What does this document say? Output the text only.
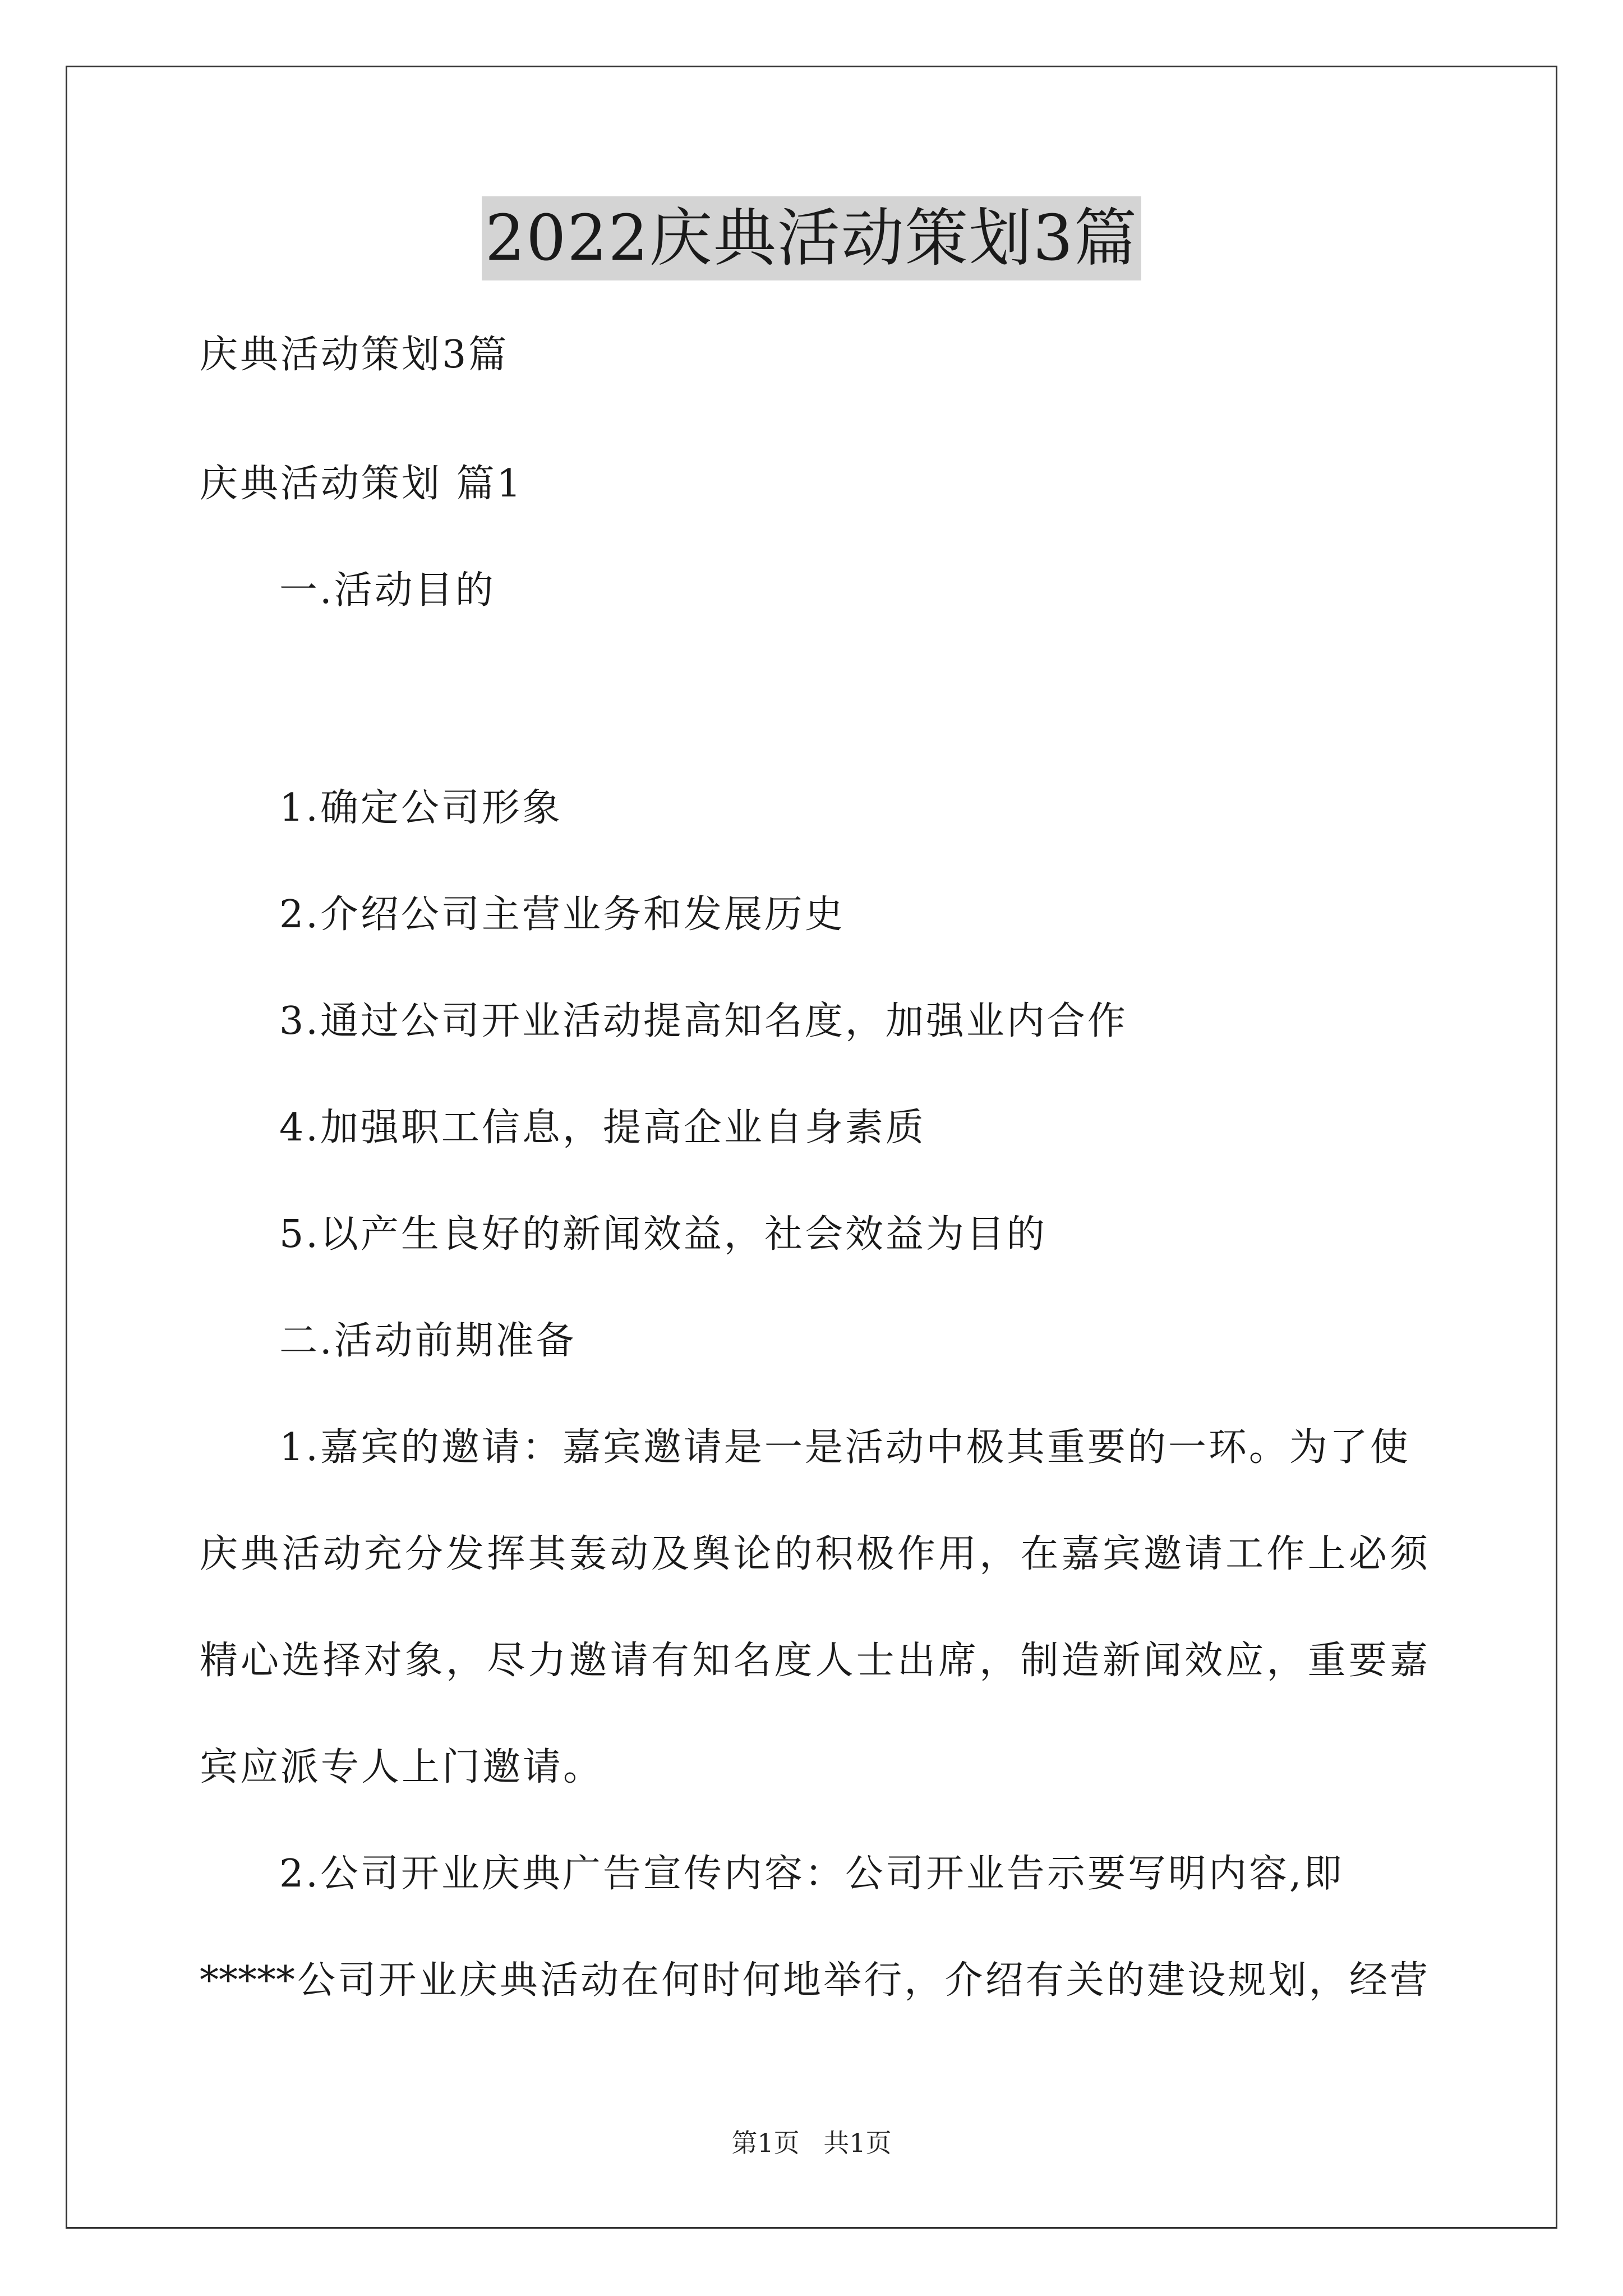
2022庆典活动策划3篇
庆典活动策划3篇
庆典活动策划 篇1
一.活动目的
1.确定公司形象
2.介绍公司主营业务和发展历史
3.通过公司开业活动提高知名度，加强业内合作
4.加强职工信息，提高企业自身素质
5.以产生良好的新闻效益，社会效益为目的
二.活动前期准备
1.嘉宾的邀请：嘉宾邀请是一是活动中极其重要的一环。为了使
庆典活动充分发挥其轰动及舆论的积极作用，在嘉宾邀请工作上必须
精心选择对象，尽力邀请有知名度人士出席，制造新闻效应，重要嘉
宾应派专人上门邀请。
2.公司开业庆典广告宣传内容：公司开业告示要写明内容,即
*****公司开业庆典活动在何时何地举行，介绍有关的建设规划，经营
第1页 共1页
